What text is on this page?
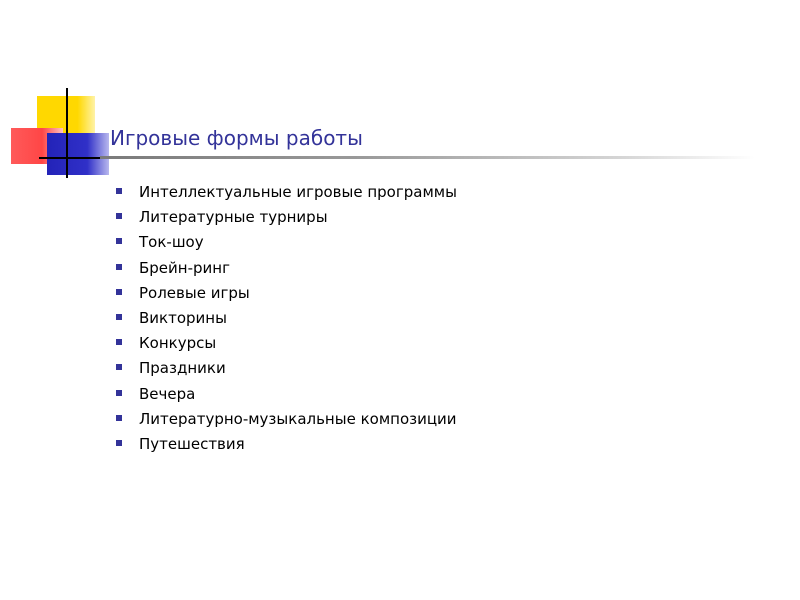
Игровые формы работы
Интеллектуальные игровые программы
Литературные турниры
Ток-шоу
Брейн-ринг
Ролевые игры
Викторины
Конкурсы
Праздники
Вечера
Литературно-музыкальные композиции
Путешествия
